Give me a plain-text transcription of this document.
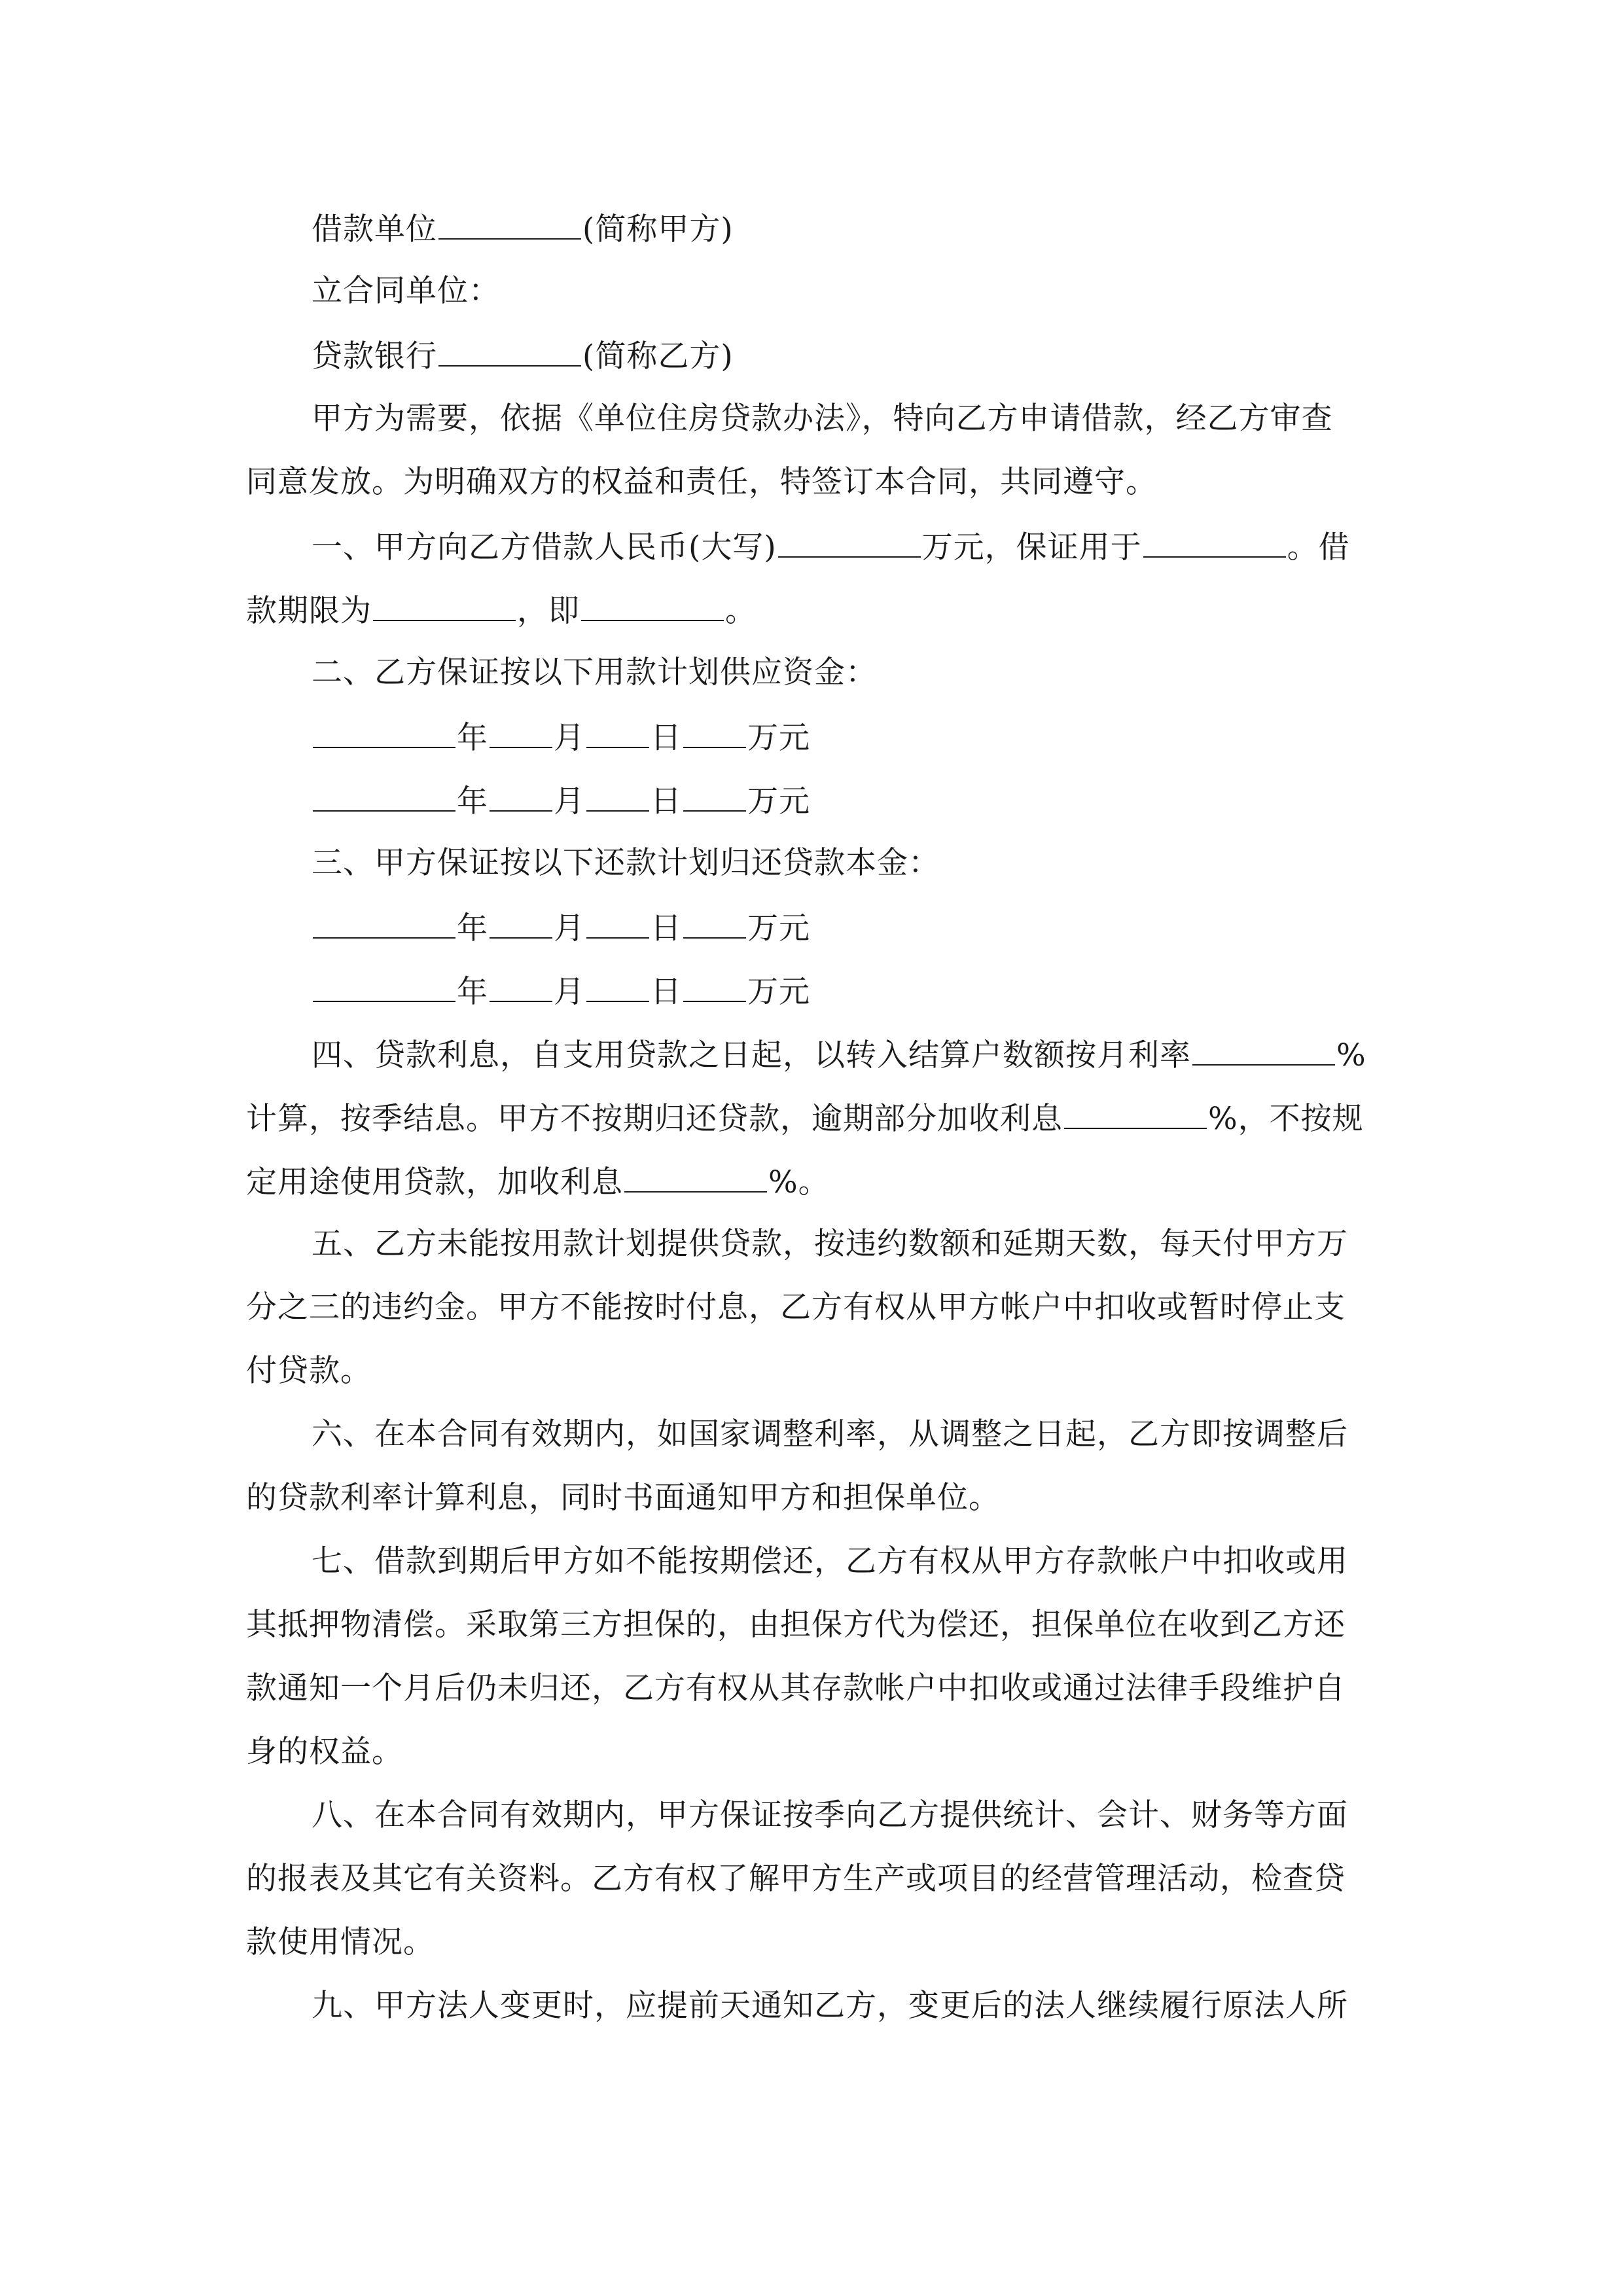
借款单位	(简称甲方)
立合同单位：
贷款银行	(简称乙方)
甲方为需要，依据《单位住房贷款办法》，特向乙方申请借款，经乙方审查
同意发放。为明确双方的权益和责任，特签订本合同，共同遵守。
一、甲方向乙方借款人民币(大写)	万元，保证用于	。借
款期限为	，即	。
二、乙方保证按以下用款计划供应资金：
年 月 日 万元
年 月 日 万元
三、甲方保证按以下还款计划归还贷款本金：
年 月 日 万元
年 月 日 万元
四、贷款利息，自支用贷款之日起，以转入结算户数额按月利率	%
计算，按季结息。甲方不按期归还贷款，逾期部分加收利息	%，不按规
定用途使用贷款，加收利息	%。
五、乙方未能按用款计划提供贷款，按违约数额和延期天数，每天付甲方万
分之三的违约金。甲方不能按时付息，乙方有权从甲方帐户中扣收或暂时停止支
付贷款。
六、在本合同有效期内，如国家调整利率，从调整之日起，乙方即按调整后
的贷款利率计算利息，同时书面通知甲方和担保单位。
七、借款到期后甲方如不能按期偿还，乙方有权从甲方存款帐户中扣收或用
其抵押物清偿。采取第三方担保的，由担保方代为偿还，担保单位在收到乙方还
款通知一个月后仍未归还，乙方有权从其存款帐户中扣收或通过法律手段维护自
身的权益。
八、在本合同有效期内，甲方保证按季向乙方提供统计、会计、财务等方面
的报表及其它有关资料。乙方有权了解甲方生产或项目的经营管理活动，检查贷
款使用情况。
九、甲方法人变更时，应提前天通知乙方，变更后的法人继续履行原法人所
